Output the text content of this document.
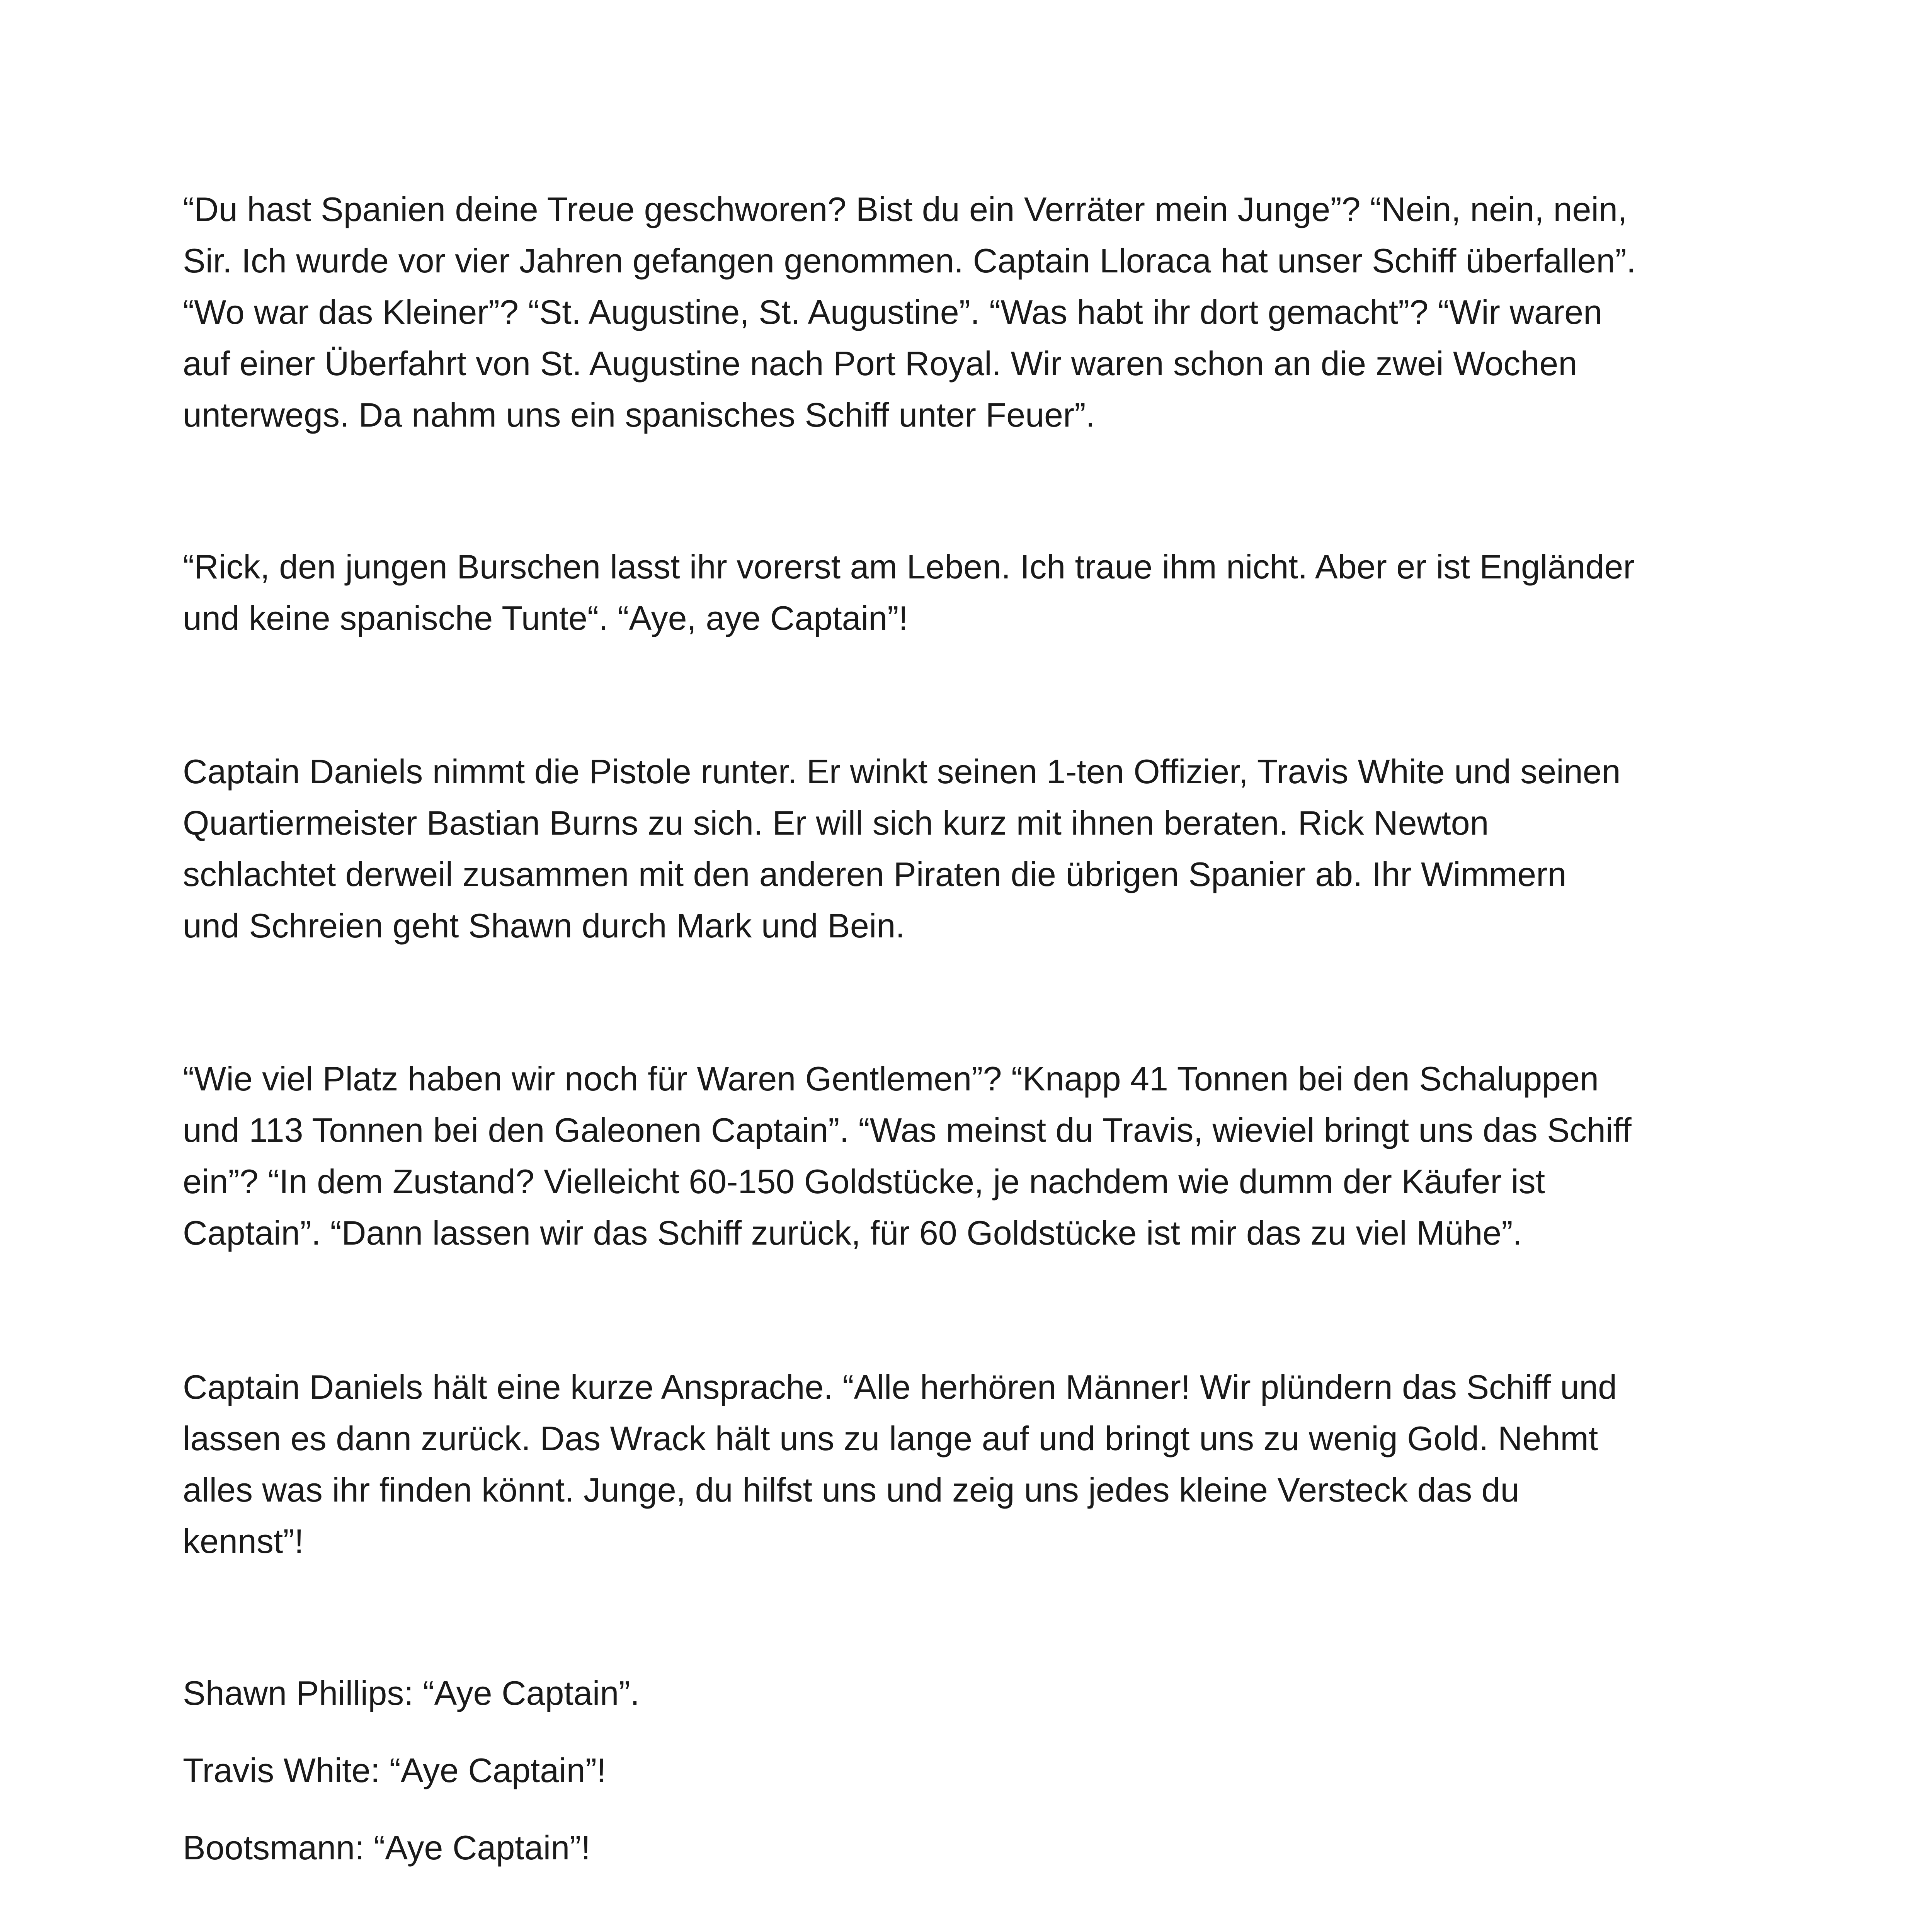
“Du hast Spanien deine Treue geschworen? Bist du ein Verräter mein Junge”? “Nein, nein, nein,
Sir. Ich wurde vor vier Jahren gefangen genommen. Captain Lloraca hat unser Schiff überfallen”.
“Wo war das Kleiner”? “St. Augustine, St. Augustine”. “Was habt ihr dort gemacht”? “Wir waren
auf einer Überfahrt von St. Augustine nach Port Royal. Wir waren schon an die zwei Wochen
unterwegs. Da nahm uns ein spanisches Schiff unter Feuer”.

“Rick, den jungen Burschen lasst ihr vorerst am Leben. Ich traue ihm nicht. Aber er ist Engländer
und keine spanische Tunte“. “Aye, aye Captain”!

Captain Daniels nimmt die Pistole runter. Er winkt seinen 1-ten Offizier, Travis White und seinen
Quartiermeister Bastian Burns zu sich. Er will sich kurz mit ihnen beraten. Rick Newton
schlachtet derweil zusammen mit den anderen Piraten die übrigen Spanier ab. Ihr Wimmern
und Schreien geht Shawn durch Mark und Bein.

“Wie viel Platz haben wir noch für Waren Gentlemen”? “Knapp 41 Tonnen bei den Schaluppen
und 113 Tonnen bei den Galeonen Captain”. “Was meinst du Travis, wieviel bringt uns das Schiff
ein”? “In dem Zustand? Vielleicht 60-150 Goldstücke, je nachdem wie dumm der Käufer ist
Captain”. “Dann lassen wir das Schiff zurück, für 60 Goldstücke ist mir das zu viel Mühe”.

Captain Daniels hält eine kurze Ansprache. “Alle herhören Männer! Wir plündern das Schiff und
lassen es dann zurück. Das Wrack hält uns zu lange auf und bringt uns zu wenig Gold. Nehmt
alles was ihr finden könnt. Junge, du hilfst uns und zeig uns jedes kleine Versteck das du
kennst”!

Shawn Phillips: “Aye Captain”.

Travis White: “Aye Captain”!

Bootsmann: “Aye Captain”!
